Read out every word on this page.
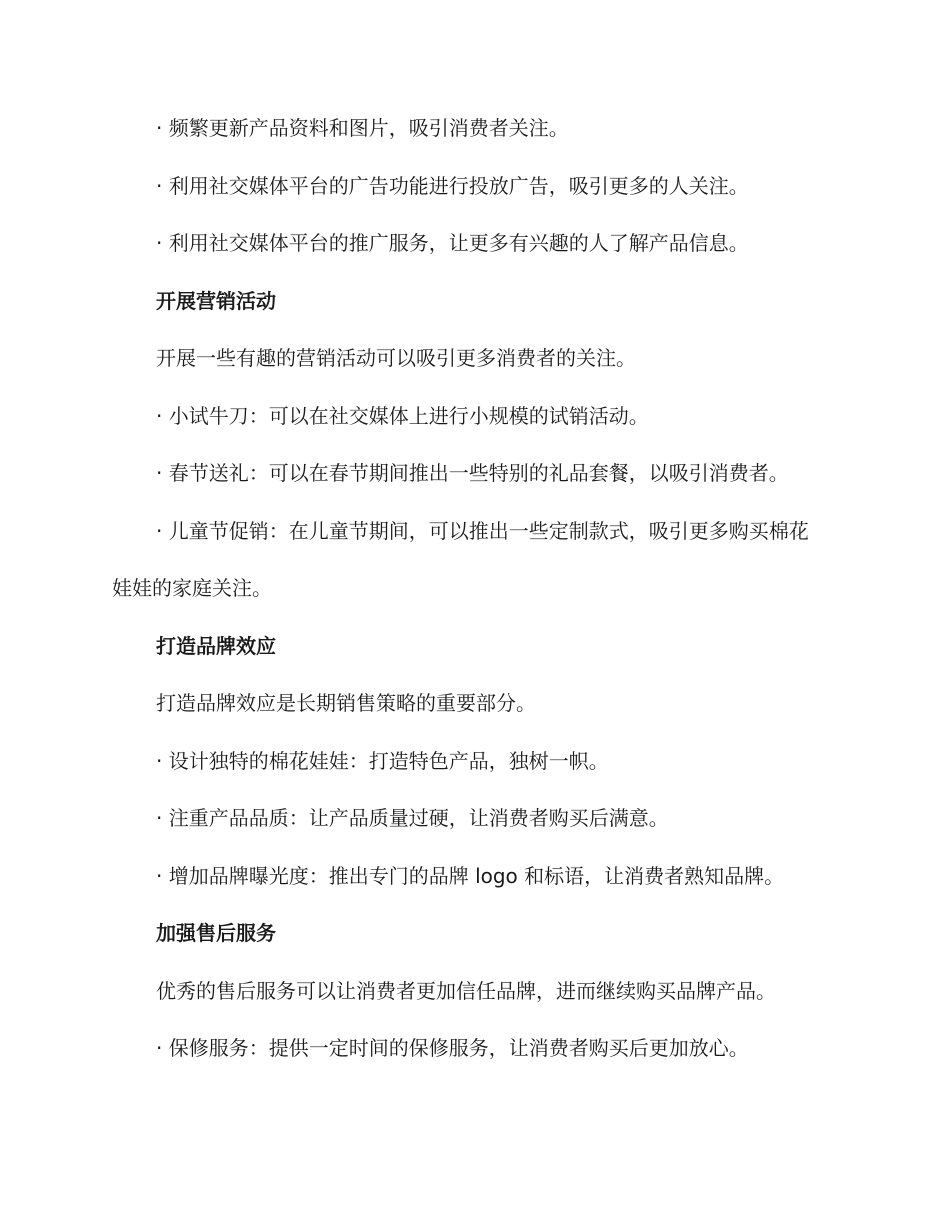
· 频繁更新产品资料和图片，吸引消费者关注。

· 利用社交媒体平台的广告功能进行投放广告，吸引更多的人关注。

· 利用社交媒体平台的推广服务，让更多有兴趣的人了解产品信息。

开展营销活动

开展一些有趣的营销活动可以吸引更多消费者的关注。

· 小试牛刀：可以在社交媒体上进行小规模的试销活动。

· 春节送礼：可以在春节期间推出一些特别的礼品套餐，以吸引消费者。

· 儿童节促销：在儿童节期间，可以推出一些定制款式，吸引更多购买棉花娃娃的家庭关注。

打造品牌效应

打造品牌效应是长期销售策略的重要部分。

· 设计独特的棉花娃娃：打造特色产品，独树一帜。

· 注重产品品质：让产品质量过硬，让消费者购买后满意。

· 增加品牌曝光度：推出专门的品牌 logo 和标语，让消费者熟知品牌。

加强售后服务

优秀的售后服务可以让消费者更加信任品牌，进而继续购买品牌产品。

· 保修服务：提供一定时间的保修服务，让消费者购买后更加放心。
